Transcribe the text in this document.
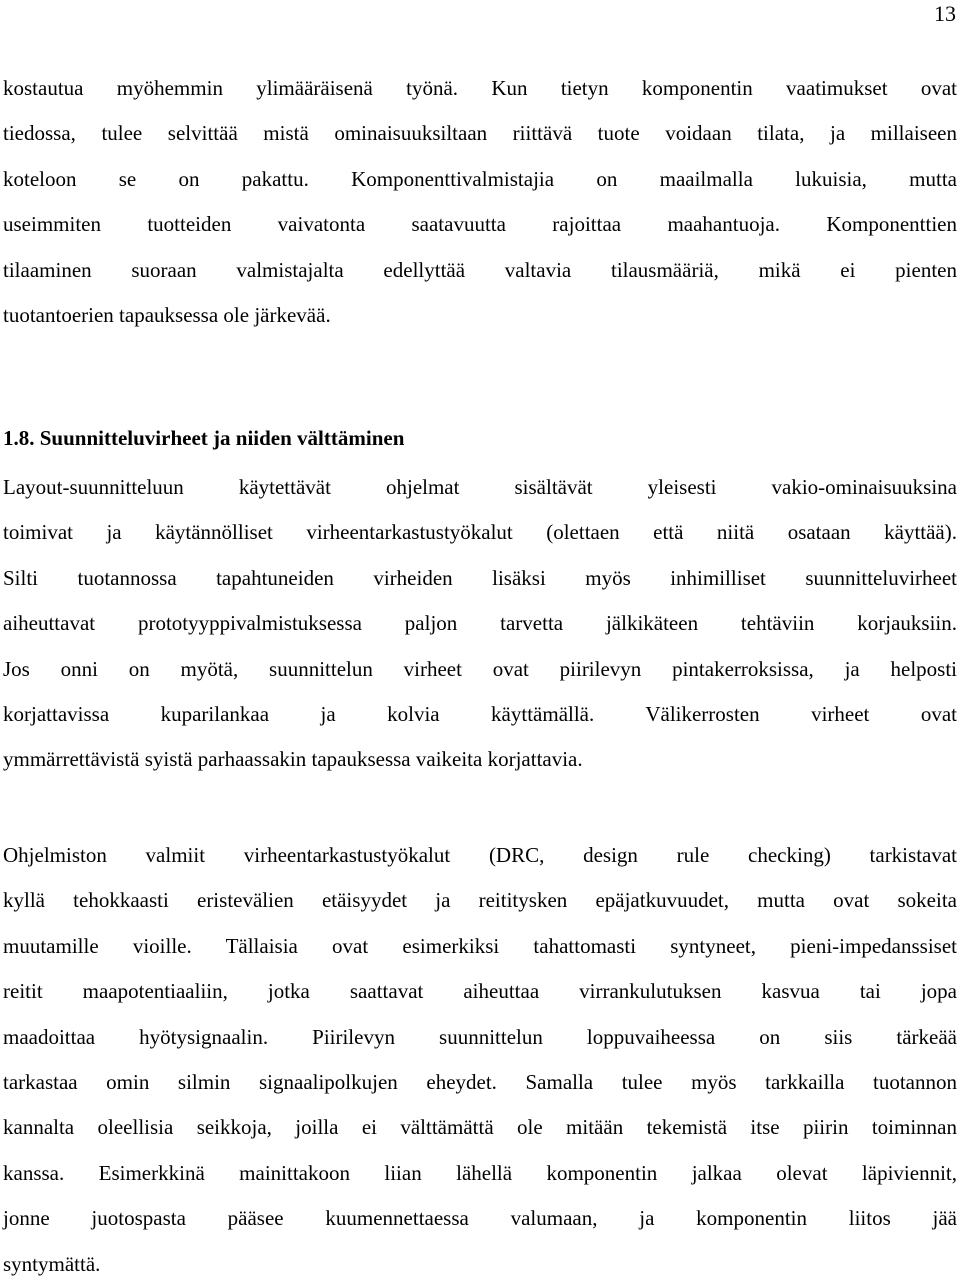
13
kostautua myöhemmin ylimääräisenä työnä. Kun tietyn komponentin vaatimukset ovat
tiedossa, tulee selvittää mistä ominaisuuksiltaan riittävä tuote voidaan tilata, ja millaiseen
koteloon se on pakattu. Komponenttivalmistajia on maailmalla lukuisia, mutta
useimmiten tuotteiden vaivatonta saatavuutta rajoittaa maahantuoja. Komponenttien
tilaaminen suoraan valmistajalta edellyttää valtavia tilausmääriä, mikä ei pienten
tuotantoerien tapauksessa ole järkevää.
1.8. Suunnitteluvirheet ja niiden välttäminen
Layout-suunnitteluun käytettävät ohjelmat sisältävät yleisesti vakio-ominaisuuksina
toimivat ja käytännölliset virheentarkastustyökalut (olettaen että niitä osataan käyttää).
Silti tuotannossa tapahtuneiden virheiden lisäksi myös inhimilliset suunnitteluvirheet
aiheuttavat prototyyppivalmistuksessa paljon tarvetta jälkikäteen tehtäviin korjauksiin.
Jos onni on myötä, suunnittelun virheet ovat piirilevyn pintakerroksissa, ja helposti
korjattavissa kuparilankaa ja kolvia käyttämällä. Välikerrosten virheet ovat
ymmärrettävistä syistä parhaassakin tapauksessa vaikeita korjattavia.
Ohjelmiston valmiit virheentarkastustyökalut (DRC, design rule checking) tarkistavat
kyllä tehokkaasti eristevälien etäisyydet ja reititysken epäjatkuvuudet, mutta ovat sokeita
muutamille vioille. Tällaisia ovat esimerkiksi tahattomasti syntyneet, pieni-impedanssiset
reitit maapotentiaaliin, jotka saattavat aiheuttaa virrankulutuksen kasvua tai jopa
maadoittaa hyötysignaalin. Piirilevyn suunnittelun loppuvaiheessa on siis tärkeää
tarkastaa omin silmin signaalipolkujen eheydet. Samalla tulee myös tarkkailla tuotannon
kannalta oleellisia seikkoja, joilla ei välttämättä ole mitään tekemistä itse piirin toiminnan
kanssa. Esimerkkinä mainittakoon liian lähellä komponentin jalkaa olevat läpiviennit,
jonne juotospasta pääsee kuumennettaessa valumaan, ja komponentin liitos jää
syntymättä.
